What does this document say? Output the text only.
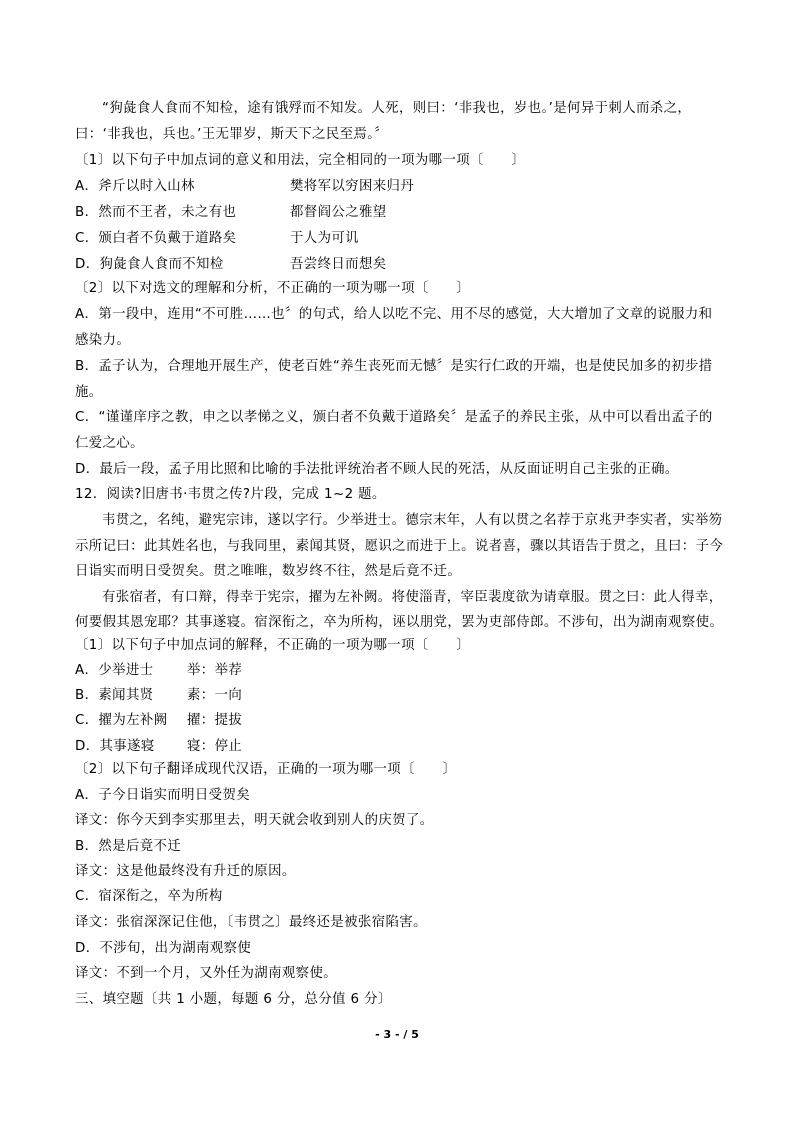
“狗彘食人食而不知检，途有饿殍而不知发。人死，则曰：‘非我也，岁也。’是何异于刺人而杀之，
曰：‘非我也，兵也。’王无罪岁，斯天下之民至焉。〞
〔1〕以下句子中加点词的意义和用法，完全相同的一项为哪一项〔　　〕
A．斧斤以时入山林	樊将军以穷困来归丹
B．然而不王者，未之有也	都督阎公之雅望
C．颁白者不负戴于道路矣	于人为可讥
D．狗彘食人食而不知检	吾尝终日而想矣
〔2〕以下对选文的理解和分析，不正确的一项为哪一项〔　　〕
A．第一段中，连用“不可胜……也〞的句式，给人以吃不完、用不尽的感觉，大大增加了文章的说服力和
感染力。
B．孟子认为，合理地开展生产，使老百姓“养生丧死而无憾〞是实行仁政的开端，也是使民加多的初步措
施。
C．“谨谨庠序之教，申之以孝悌之义，颁白者不负戴于道路矣〞是孟子的养民主张，从中可以看出孟子的
仁爱之心。
D．最后一段，孟子用比照和比喻的手法批评统治者不顾人民的死活，从反面证明自己主张的正确。
12．阅读?旧唐书·韦贯之传?片段，完成 1~2 题。
韦贯之，名纯，避宪宗讳，遂以字行。少举进士。德宗末年，人有以贯之名荐于京兆尹李实者，实举笏
示所记曰：此其姓名也，与我同里，素闻其贤，愿识之而进于上。说者喜，骤以其语告于贯之，且曰：子今
日诣实而明日受贺矣。贯之唯唯，数岁终不往，然是后竟不迁。
有张宿者，有口辩，得幸于宪宗，擢为左补阙。将使淄青，宰臣裴度欲为请章服。贯之曰：此人得幸，
何要假其恩宠耶？其事遂寝。宿深衔之，卒为所构，诬以朋党，罢为吏部侍郎。不涉旬，出为湖南观察使。
〔1〕以下句子中加点词的解释，不正确的一项为哪一项〔　　〕
A．少举进士 举：举荐
B．素闻其贤 素：一向
C．擢为左补阙 擢：提拔
D．其事遂寝 寝：停止
〔2〕以下句子翻译成现代汉语，正确的一项为哪一项〔　　〕
A．子今日诣实而明日受贺矣
译文：你今天到李实那里去，明天就会收到别人的庆贺了。
B．然是后竟不迁
译文：这是他最终没有升迁的原因。
C．宿深衔之，卒为所构
译文：张宿深深记住他，〔韦贯之〕最终还是被张宿陷害。
D．不涉旬，出为湖南观察使
译文：不到一个月，又外任为湖南观察使。
三、填空题〔共 1 小题，每题 6 分，总分值 6 分〕
- 3 - / 5
